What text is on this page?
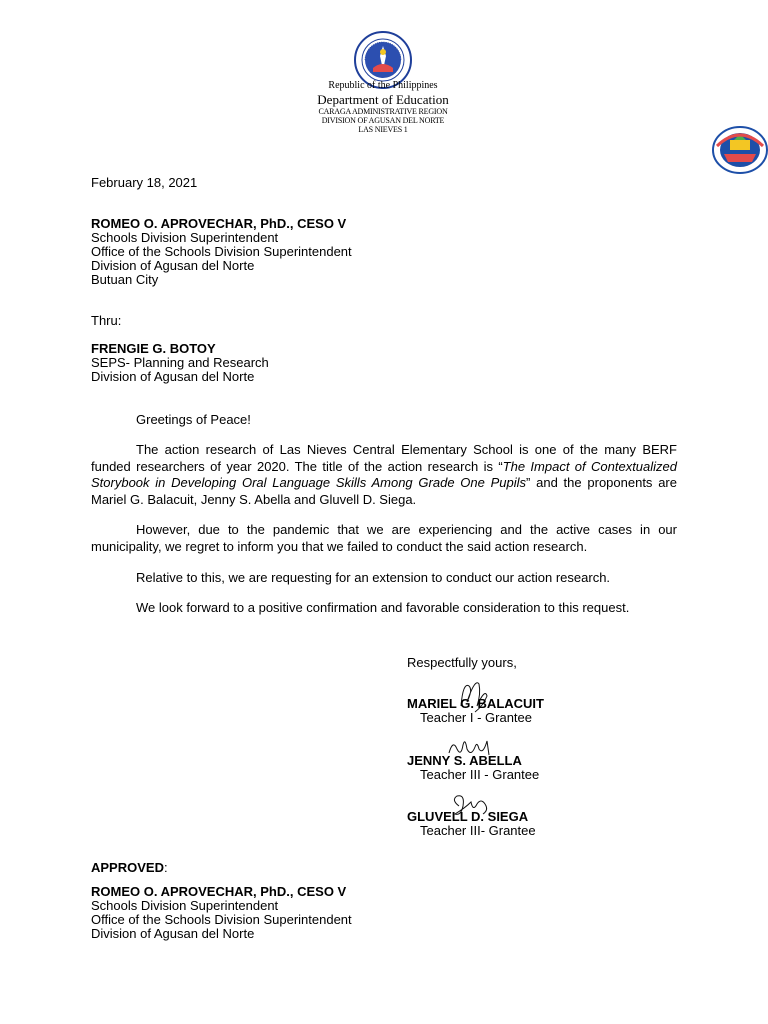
Republic of the Philippines
Department of Education
CARAGA ADMINISTRATIVE REGION
DIVISION OF AGUSAN DEL NORTE
LAS NIEVES 1
February 18, 2021
ROMEO O. APROVECHAR, PhD., CESO V
Schools Division Superintendent
Office of the Schools Division Superintendent
Division of Agusan del Norte
Butuan City
Thru:
FRENGIE G. BOTOY
SEPS- Planning and Research
Division of Agusan del Norte

Greetings of Peace!

The action research of Las Nieves Central Elementary School is one of the many BERF funded researchers of year 2020. The title of the action research is “The Impact of Contextualized Storybook in Developing Oral Language Skills Among Grade One Pupils” and the proponents are Mariel G. Balacuit, Jenny S. Abella and Gluvell D. Siega.

However, due to the pandemic that we are experiencing and the active cases in our municipality, we regret to inform you that we failed to conduct the said action research.

Relative to this, we are requesting for an extension to conduct our action research.

We look forward to a positive confirmation and favorable consideration to this request.

Respectfully yours,
MARIEL G. BALACUIT
Teacher I - Grantee
JENNY S. ABELLA
Teacher III - Grantee
GLUVELL D. SIEGA
Teacher III- Grantee
APPROVED:
ROMEO O. APROVECHAR, PhD., CESO V
Schools Division Superintendent
Office of the Schools Division Superintendent
Division of Agusan del Norte
